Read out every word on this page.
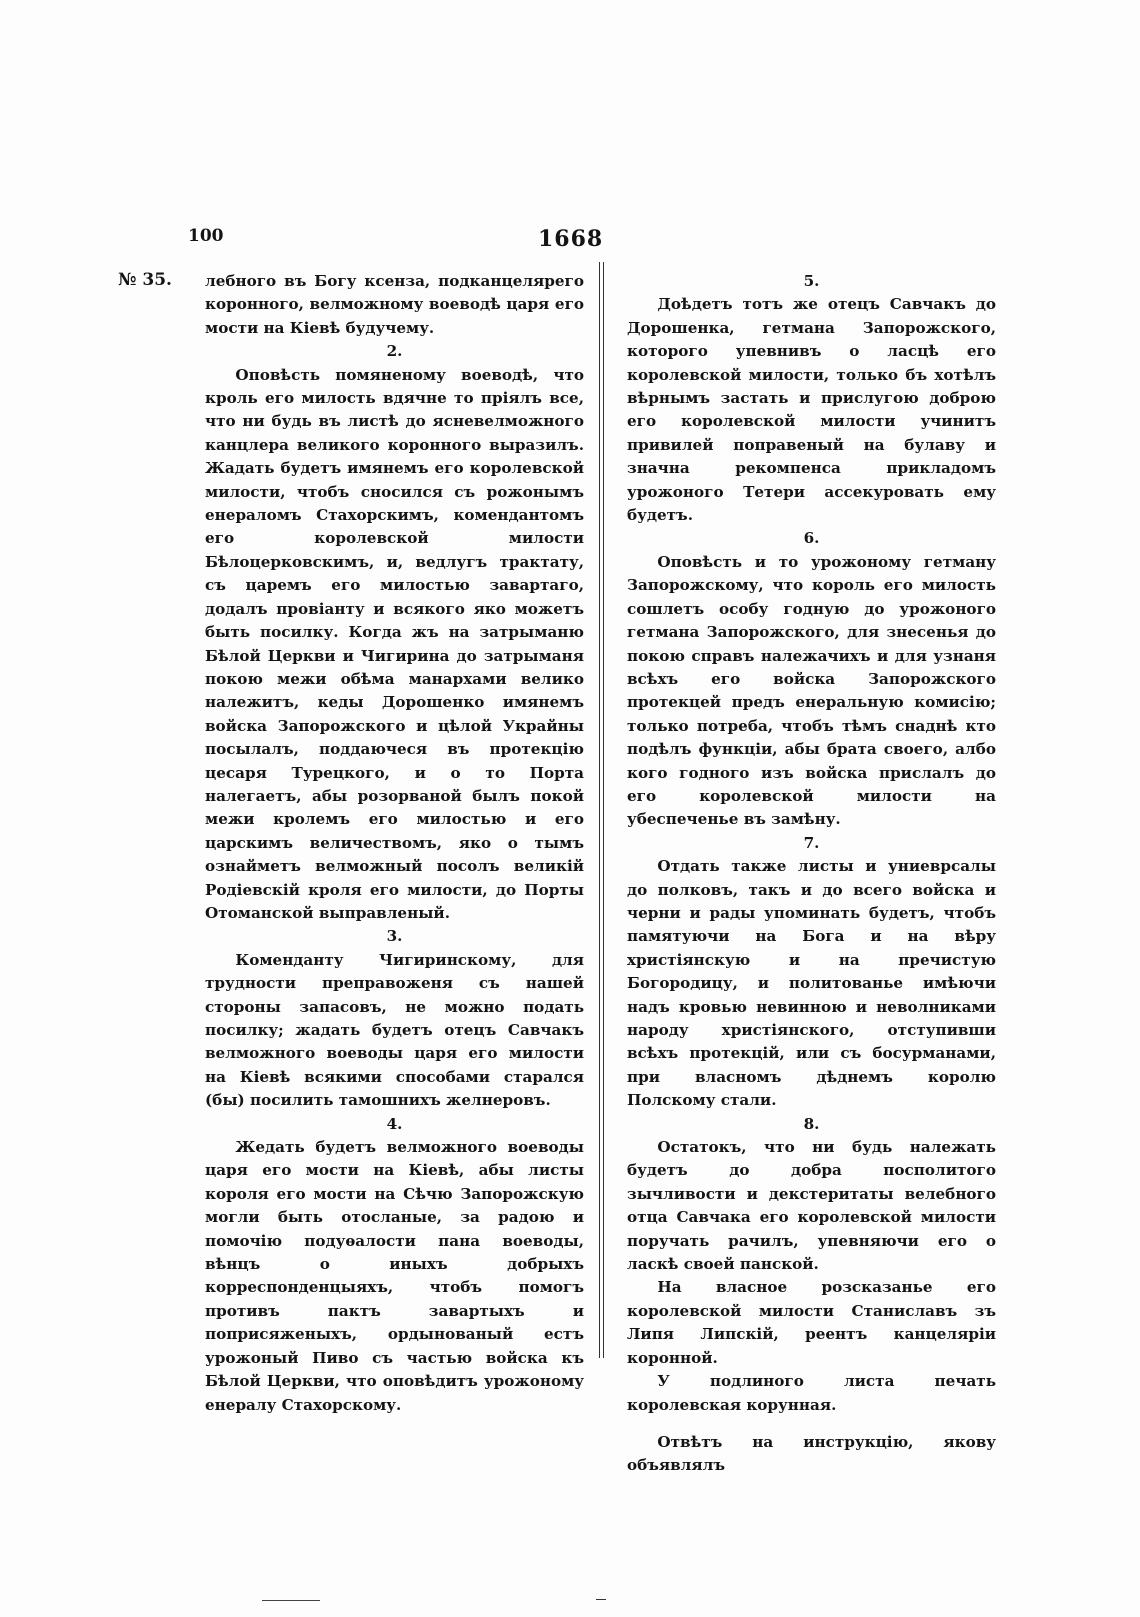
100	1668
№ 35. лебного въ Богу ксенза, подканцелярего коронного, велможному воеводѣ царя его мости на Кіевѣ будучему.

2.

Оповѣсть помяненому воеводѣ, что кроль его милость вдячне то пріялъ все, что ни будь въ листѣ до ясневелможного канцлера великого коронного выразилъ. Жадать будетъ имянемъ его королевской милости, чтобъ сносился съ рожонымъ енераломъ Стахорскимъ, комендантомъ его королевской милости Бѣлоцерковскимъ, и, ведлугъ трактату, съ царемъ его милостью завартаго, додалъ провіанту и всякого яко можетъ быть посилку. Когда жъ на затрыманю Бѣлой Церкви и Чигирина до затрыманя покою межи обѣма манархами велико належитъ, кеды Дорошенко имянемъ войска Запорожского и цѣлой Украйны посылалъ, поддаючеся въ протекцію цесаря Турецкого, и о то Порта налегаетъ, абы розорваной былъ покой межи кролемъ его милостью и его царскимъ величествомъ, яко о тымъ ознайметъ велможный посолъ великій Родіевскій кроля его милости, до Порты Отоманской выправленый.

3.

Коменданту Чигиринскому, для трудности преправоженя съ нашей стороны запасовъ, не можно подать посилку; жадать будетъ отецъ Савчакъ велможного воеводы царя его милости на Кіевѣ всякими способами старался (бы) посилить тамошнихъ желнеровъ.

4.

Жедать будетъ велможного воеводы царя его мости на Кіевѣ, абы листы короля его мости на Сѣчю Запорожскую могли быть отосланые, за радою и помочію подуѳалости пана воеводы, вѣнцъ о иныхъ добрыхъ корреспонденцыяхъ, чтобъ помогъ противъ пактъ завартыхъ и поприсяженыхъ, ордынованый естъ урожоный Пиво съ частью войска къ Бѣлой Церкви, что оповѣдитъ урожоному енералу Стахорскому.

5.

Доѣдетъ тотъ же отецъ Савчакъ до Дорошенка, гетмана Запорожского, которого упевнивъ о ласцѣ его королевской милости, только бъ хотѣлъ вѣрнымъ застать и прислугою доброю его королевской милости учинитъ привилей поправеный на булаву и значна рекомпенса прикладомъ урожоного Тетери ассекуровать ему будетъ.

6.

Оповѣсть и то урожоному гетману Запорожскому, что король его милость сошлетъ особу годную до урожоного гетмана Запорожского, для знесенья до покою справъ належачихъ и для узнаня всѣхъ его войска Запорожского протекцей предъ енеральную комисію; только потреба, чтобъ тѣмъ снаднѣ кто подѣлъ функціи, абы брата своего, албо кого годного изъ войска прислалъ до его королевской милости на убеспеченье въ замѣну.

7.

Отдать также листы и униеврсалы до полковъ, такъ и до всего войска и черни и рады упоминать будетъ, чтобъ памятуючи на Бога и на вѣру христіянскую и на пречистую Богородицу, и политованье имѣючи надъ кровью невинною и неволниками народу христіянского, отступивши всѣхъ протекцій, или съ босурманами, при власномъ дѣднемъ королю Полскому стали.

8.

Остатокъ, что ни будь належать будетъ до добра посполитого зычливости и декстеритаты велебного отца Савчака его королевской милости поручать рачилъ, упевняючи его о ласкѣ своей панской.

На власное розсказанье его королевской милости Станиславъ зъ Липя Липскій, реентъ канцеляріи коронной.

У подлиного листа печать королевская корунная.

Отвѣтъ на инструкцію, якову объявлялъ
